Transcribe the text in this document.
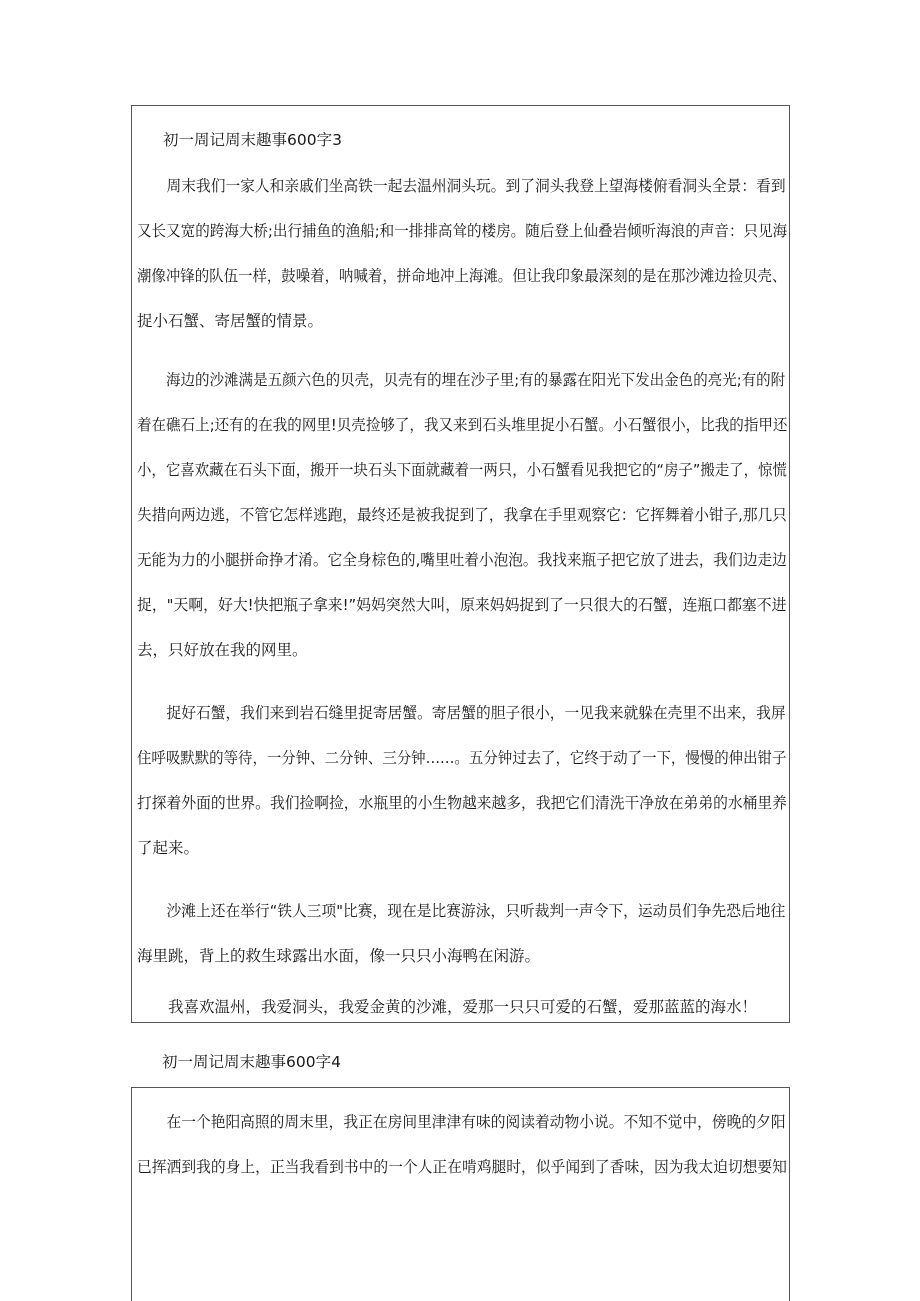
初一周记周末趣事600字3
周末我们一家人和亲戚们坐高铁一起去温州洞头玩。到了洞头我登上望海楼俯看洞头全景：看到
又长又宽的跨海大桥;出行捕鱼的渔船;和一排排高耸的楼房。随后登上仙叠岩倾听海浪的声音：只见海
潮像冲锋的队伍一样，鼓噪着，呐喊着，拼命地冲上海滩。但让我印象最深刻的是在那沙滩边捡贝壳、
捉小石蟹、寄居蟹的情景。
海边的沙滩满是五颜六色的贝壳，贝壳有的埋在沙子里;有的暴露在阳光下发出金色的亮光;有的附
着在礁石上;还有的在我的网里!贝壳捡够了，我又来到石头堆里捉小石蟹。小石蟹很小，比我的指甲还
小，它喜欢藏在石头下面，搬开一块石头下面就藏着一两只，小石蟹看见我把它的“房子”搬走了，惊慌
失措向两边逃，不管它怎样逃跑，最终还是被我捉到了，我拿在手里观察它：它挥舞着小钳子,那几只
无能为力的小腿拼命挣才淆。它全身棕色的,嘴里吐着小泡泡。我找来瓶子把它放了进去，我们边走边
捉，"天啊，好大!快把瓶子拿来!”妈妈突然大叫，原来妈妈捉到了一只很大的石蟹，连瓶口都塞不进
去，只好放在我的网里。
捉好石蟹，我们来到岩石缝里捉寄居蟹。寄居蟹的胆子很小，一见我来就躲在壳里不出来，我屏
住呼吸默默的等待，一分钟、二分钟、三分钟……。五分钟过去了，它终于动了一下，慢慢的伸出钳子
打探着外面的世界。我们捡啊捡，水瓶里的小生物越来越多，我把它们清洗干净放在弟弟的水桶里养
了起来。
沙滩上还在举行“铁人三项"比赛，现在是比赛游泳，只听裁判一声令下，运动员们争先恐后地往
海里跳，背上的救生球露出水面，像一只只小海鸭在闲游。
我喜欢温州，我爱洞头，我爱金黄的沙滩，爱那一只只可爱的石蟹，爱那蓝蓝的海水！
初一周记周末趣事600字4
在一个艳阳高照的周末里，我正在房间里津津有味的阅读着动物小说。不知不觉中，傍晚的夕阳
已挥洒到我的身上，正当我看到书中的一个人正在啃鸡腿时，似乎闻到了香味，因为我太迫切想要知
